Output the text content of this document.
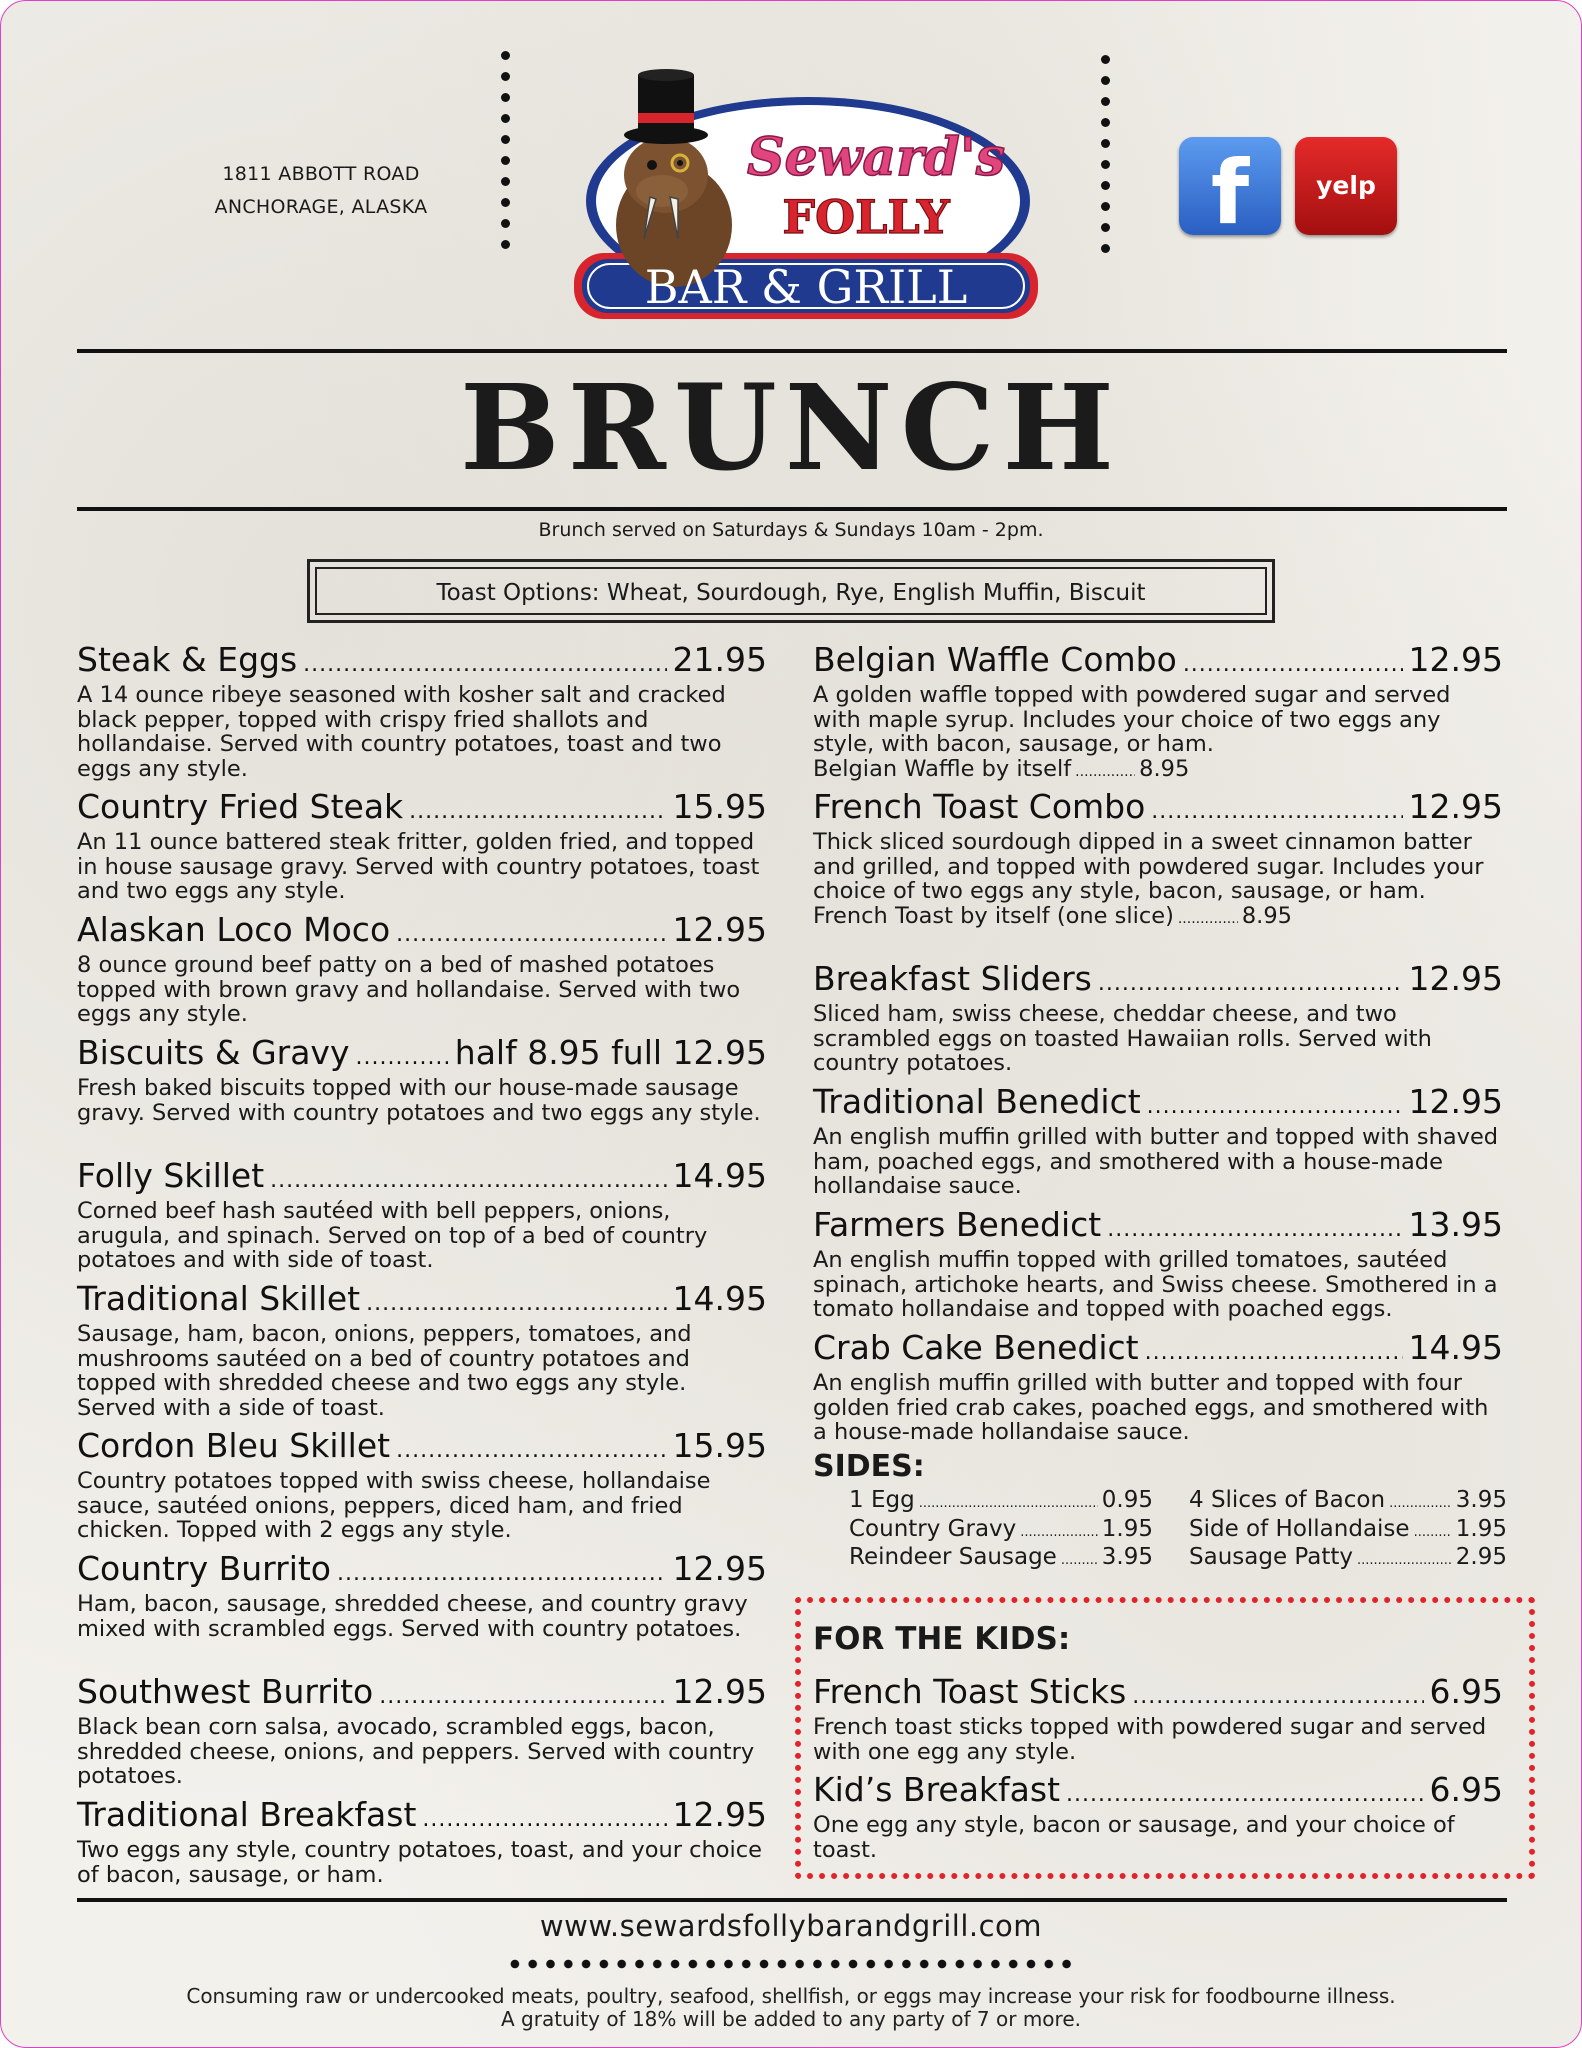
1811 ABBOTT ROAD
ANCHORAGE, ALASKA
Seward's
FOLLY
BAR & GRILL
f	yelp
BRUNCH
Brunch served on Saturdays & Sundays 10am - 2pm.
Toast Options: Wheat, Sourdough, Rye, English Muffin, Biscuit
Steak & Eggs .....	21.95
A 14 ounce ribeye seasoned with kosher salt and cracked black pepper, topped with crispy fried shallots and hollandaise. Served with country potatoes, toast and two eggs any style.
Country Fried Steak .....	15.95
An 11 ounce battered steak fritter, golden fried, and topped in house sausage gravy. Served with country potatoes, toast and two eggs any style.
Alaskan Loco Moco .....	12.95
8 ounce ground beef patty on a bed of mashed potatoes topped with brown gravy and hollandaise. Served with two eggs any style.
Biscuits & Gravy .....	half 8.95 full 12.95
Fresh baked biscuits topped with our house-made sausage gravy. Served with country potatoes and two eggs any style.
Folly Skillet .....	14.95
Corned beef hash sautéed with bell peppers, onions, arugula, and spinach. Served on top of a bed of country potatoes and with side of toast.
Traditional Skillet .....	14.95
Sausage, ham, bacon, onions, peppers, tomatoes, and mushrooms sautéed on a bed of country potatoes and topped with shredded cheese and two eggs any style. Served with a side of toast.
Cordon Bleu Skillet .....	15.95
Country potatoes topped with swiss cheese, hollandaise sauce, sautéed onions, peppers, diced ham, and fried chicken. Topped with 2 eggs any style.
Country Burrito .....	12.95
Ham, bacon, sausage, shredded cheese, and country gravy mixed with scrambled eggs. Served with country potatoes.
Southwest Burrito .....	12.95
Black bean corn salsa, avocado, scrambled eggs, bacon, shredded cheese, onions, and peppers. Served with country potatoes.
Traditional Breakfast .....	12.95
Two eggs any style, country potatoes, toast, and your choice of bacon, sausage, or ham.
Belgian Waffle Combo .....	12.95
A golden waffle topped with powdered sugar and served with maple syrup. Includes your choice of two eggs any style, with bacon, sausage, or ham.
Belgian Waffle by itself .....	8.95
French Toast Combo .....	12.95
Thick sliced sourdough dipped in a sweet cinnamon batter and grilled, and topped with powdered sugar. Includes your choice of two eggs any style, bacon, sausage, or ham.
French Toast by itself (one slice) .....	8.95
Breakfast Sliders .....	12.95
Sliced ham, swiss cheese, cheddar cheese, and two scrambled eggs on toasted Hawaiian rolls. Served with country potatoes.
Traditional Benedict .....	12.95
An english muffin grilled with butter and topped with shaved ham, poached eggs, and smothered with a house-made hollandaise sauce.
Farmers Benedict .....	13.95
An english muffin topped with grilled tomatoes, sautéed spinach, artichoke hearts, and Swiss cheese. Smothered in a tomato hollandaise and topped with poached eggs.
Crab Cake Benedict .....	14.95
An english muffin grilled with butter and topped with four golden fried crab cakes, poached eggs, and smothered with a house-made hollandaise sauce.
SIDES:
1 Egg .....	0.95
Country Gravy .....	1.95
Reindeer Sausage ..... 3.95
4 Slices of Bacon .....	3.95
Side of Hollandaise ..... 1.95
Sausage Patty .....	2.95
FOR THE KIDS:
French Toast Sticks .....	6.95
French toast sticks topped with powdered sugar and served with one egg any style.
Kid’s Breakfast .....	6.95
One egg any style, bacon or sausage, and your choice of toast.
www.sewardsfollybarandgrill.com
Consuming raw or undercooked meats, poultry, seafood, shellfish, or eggs may increase your risk for foodbourne illness.
A gratuity of 18% will be added to any party of 7 or more.
